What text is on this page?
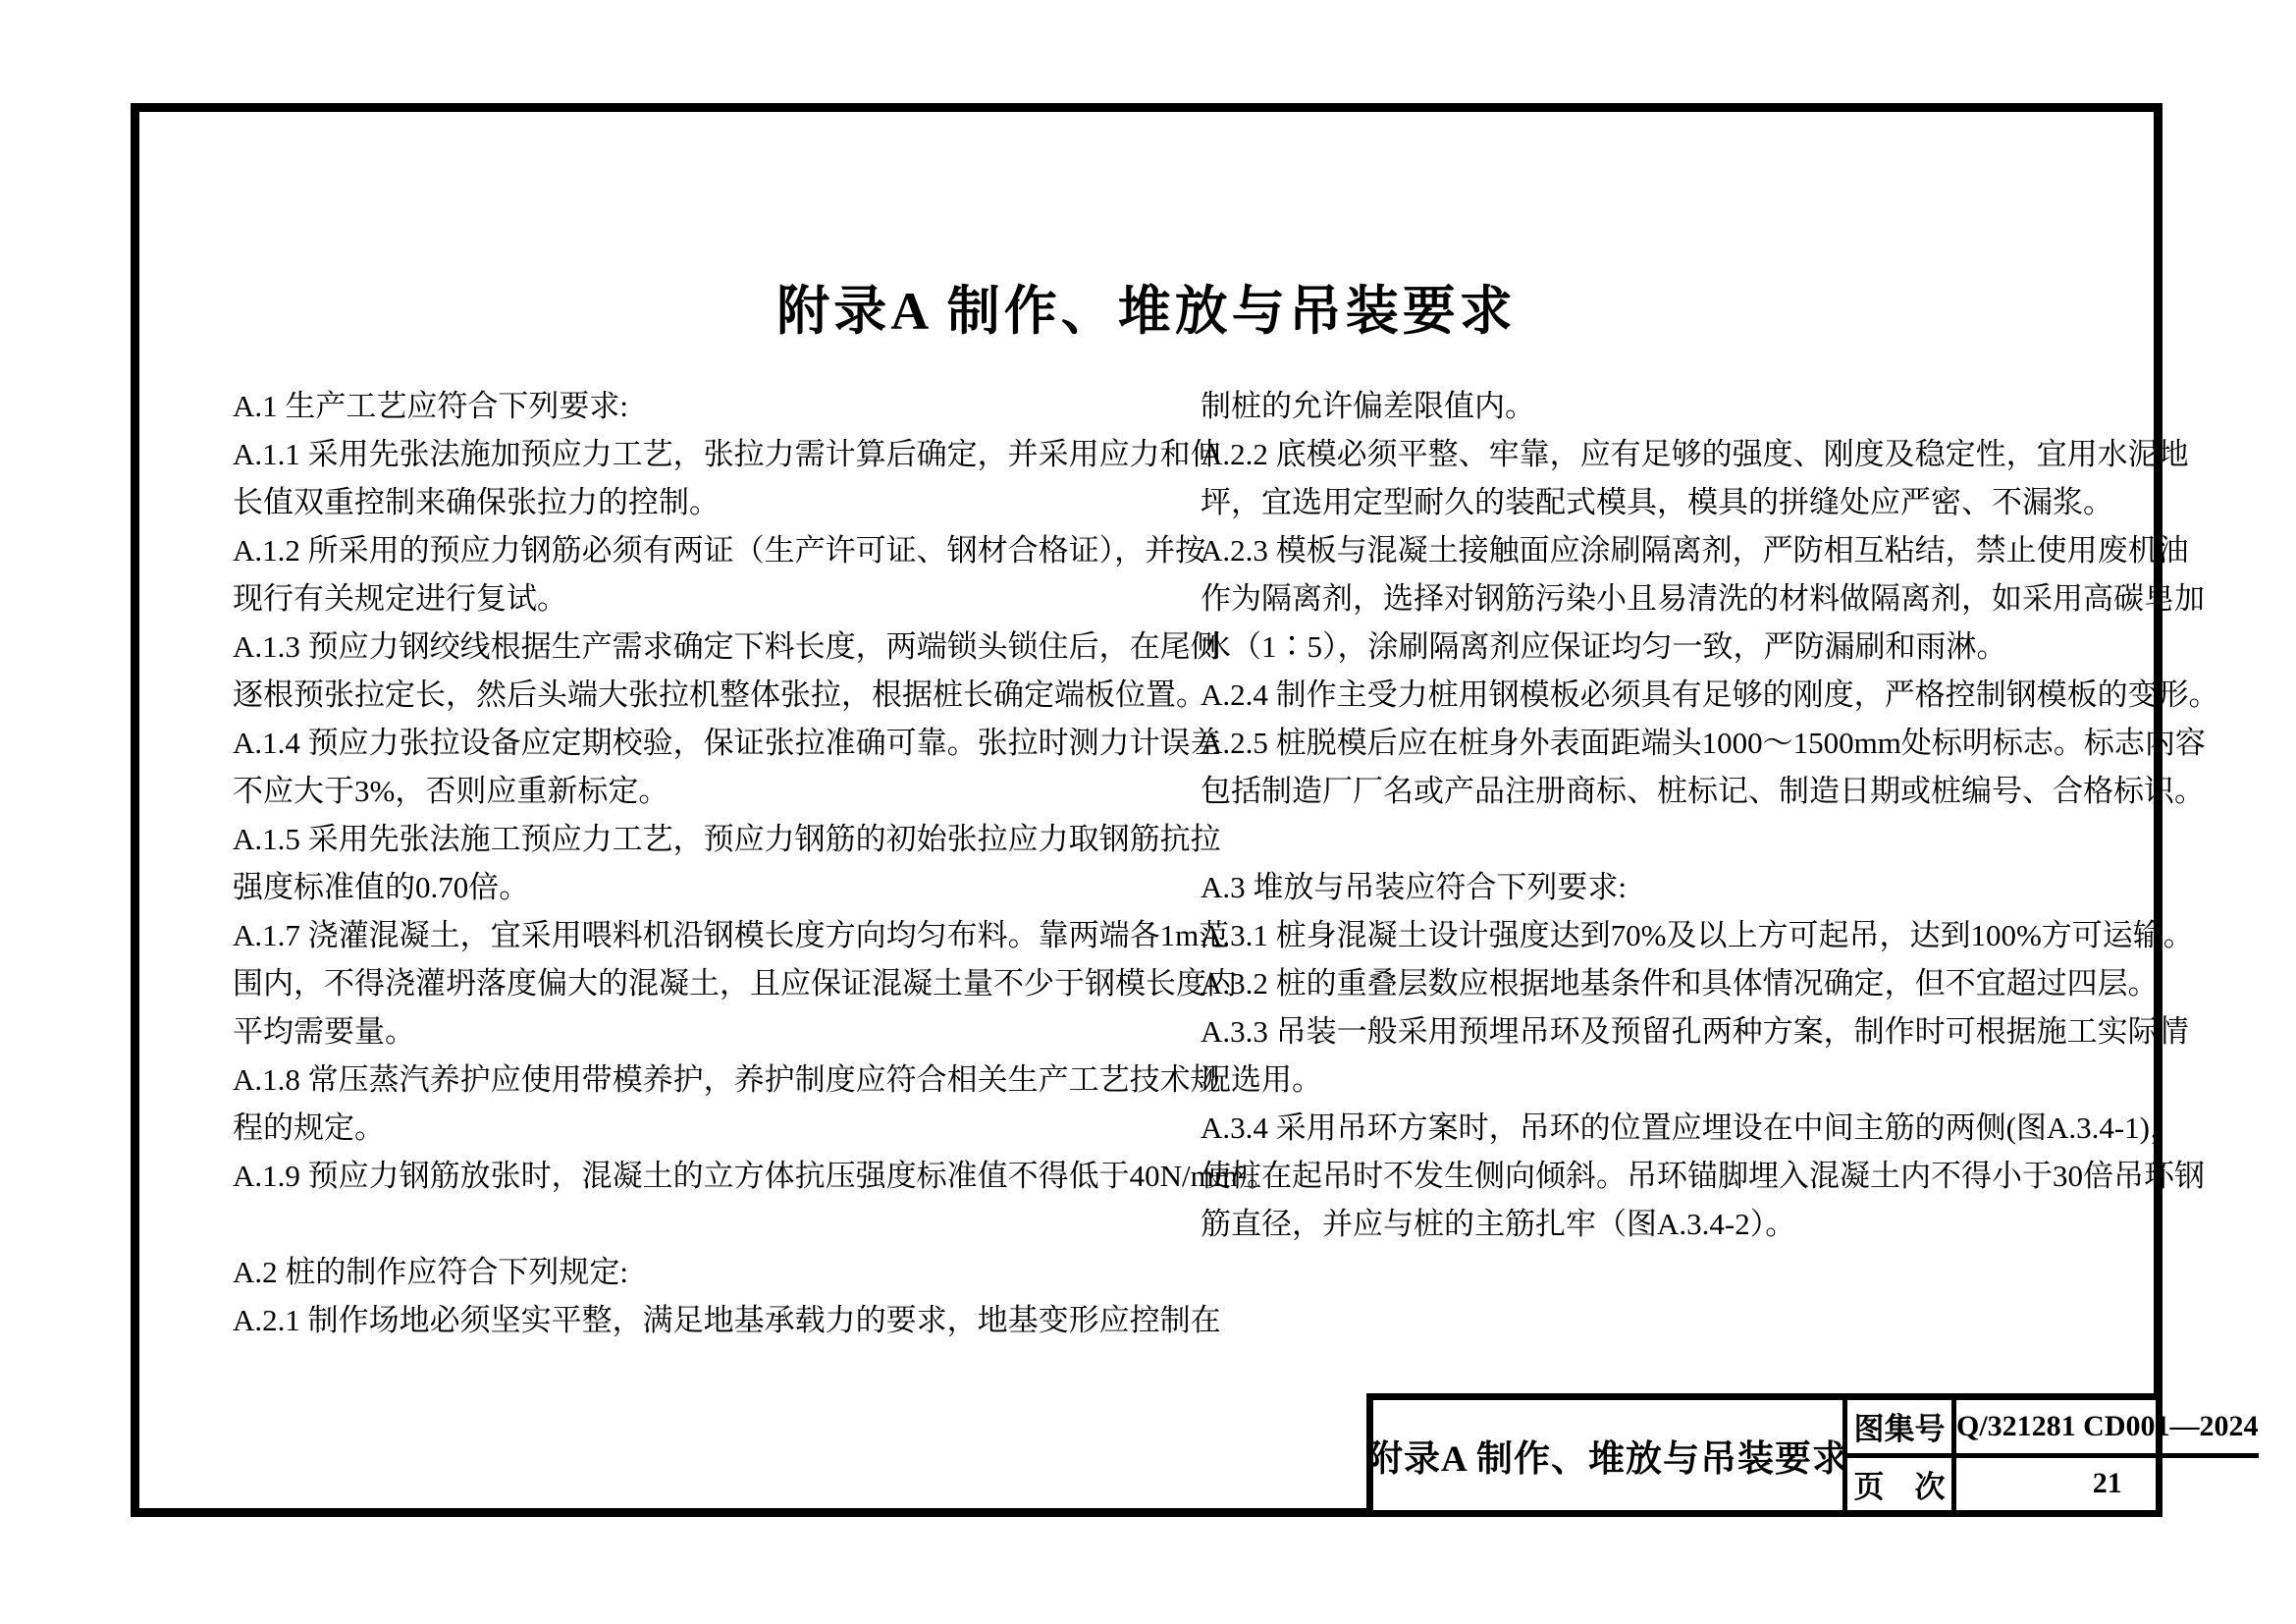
附录A 制作、堆放与吊装要求
A.1 生产工艺应符合下列要求:
A.1.1 采用先张法施加预应力工艺，张拉力需计算后确定，并采用应力和伸
长值双重控制来确保张拉力的控制。
A.1.2 所采用的预应力钢筋必须有两证（生产许可证、钢材合格证），并按
现行有关规定进行复试。
A.1.3 预应力钢绞线根据生产需求确定下料长度，两端锁头锁住后，在尾侧
逐根预张拉定长，然后头端大张拉机整体张拉，根据桩长确定端板位置。
A.1.4 预应力张拉设备应定期校验，保证张拉准确可靠。张拉时测力计误差
不应大于3%，否则应重新标定。
A.1.5 采用先张法施工预应力工艺，预应力钢筋的初始张拉应力取钢筋抗拉
强度标准值的0.70倍。
A.1.7 浇灌混凝土，宜采用喂料机沿钢模长度方向均匀布料。靠两端各1m范
围内，不得浇灌坍落度偏大的混凝土，且应保证混凝土量不少于钢模长度内
平均需要量。
A.1.8 常压蒸汽养护应使用带模养护，养护制度应符合相关生产工艺技术规
程的规定。
A.1.9 预应力钢筋放张时，混凝土的立方体抗压强度标准值不得低于40N/mm²。

A.2 桩的制作应符合下列规定:
A.2.1 制作场地必须坚实平整，满足地基承载力的要求，地基变形应控制在
制桩的允许偏差限值内。
A.2.2 底模必须平整、牢靠，应有足够的强度、刚度及稳定性，宜用水泥地
坪，宜选用定型耐久的装配式模具，模具的拼缝处应严密、不漏浆。
A.2.3 模板与混凝土接触面应涂刷隔离剂，严防相互粘结，禁止使用废机油
作为隔离剂，选择对钢筋污染小且易清洗的材料做隔离剂，如采用高碳皂加
水（1∶5），涂刷隔离剂应保证均匀一致，严防漏刷和雨淋。
A.2.4 制作主受力桩用钢模板必须具有足够的刚度，严格控制钢模板的变形。
A.2.5 桩脱模后应在桩身外表面距端头1000～1500mm处标明标志。标志内容
包括制造厂厂名或产品注册商标、桩标记、制造日期或桩编号、合格标识。

A.3 堆放与吊装应符合下列要求:
A.3.1 桩身混凝土设计强度达到70%及以上方可起吊，达到100%方可运输。
A.3.2 桩的重叠层数应根据地基条件和具体情况确定，但不宜超过四层。
A.3.3 吊装一般采用预埋吊环及预留孔两种方案，制作时可根据施工实际情
况选用。
A.3.4 采用吊环方案时，吊环的位置应埋设在中间主筋的两侧(图A.3.4-1)，
使桩在起吊时不发生侧向倾斜。吊环锚脚埋入混凝土内不得小于30倍吊环钢
筋直径，并应与桩的主筋扎牢（图A.3.4-2）。
附录A 制作、堆放与吊装要求
图集号 Q/321281 CD001—2024
页　次	21
